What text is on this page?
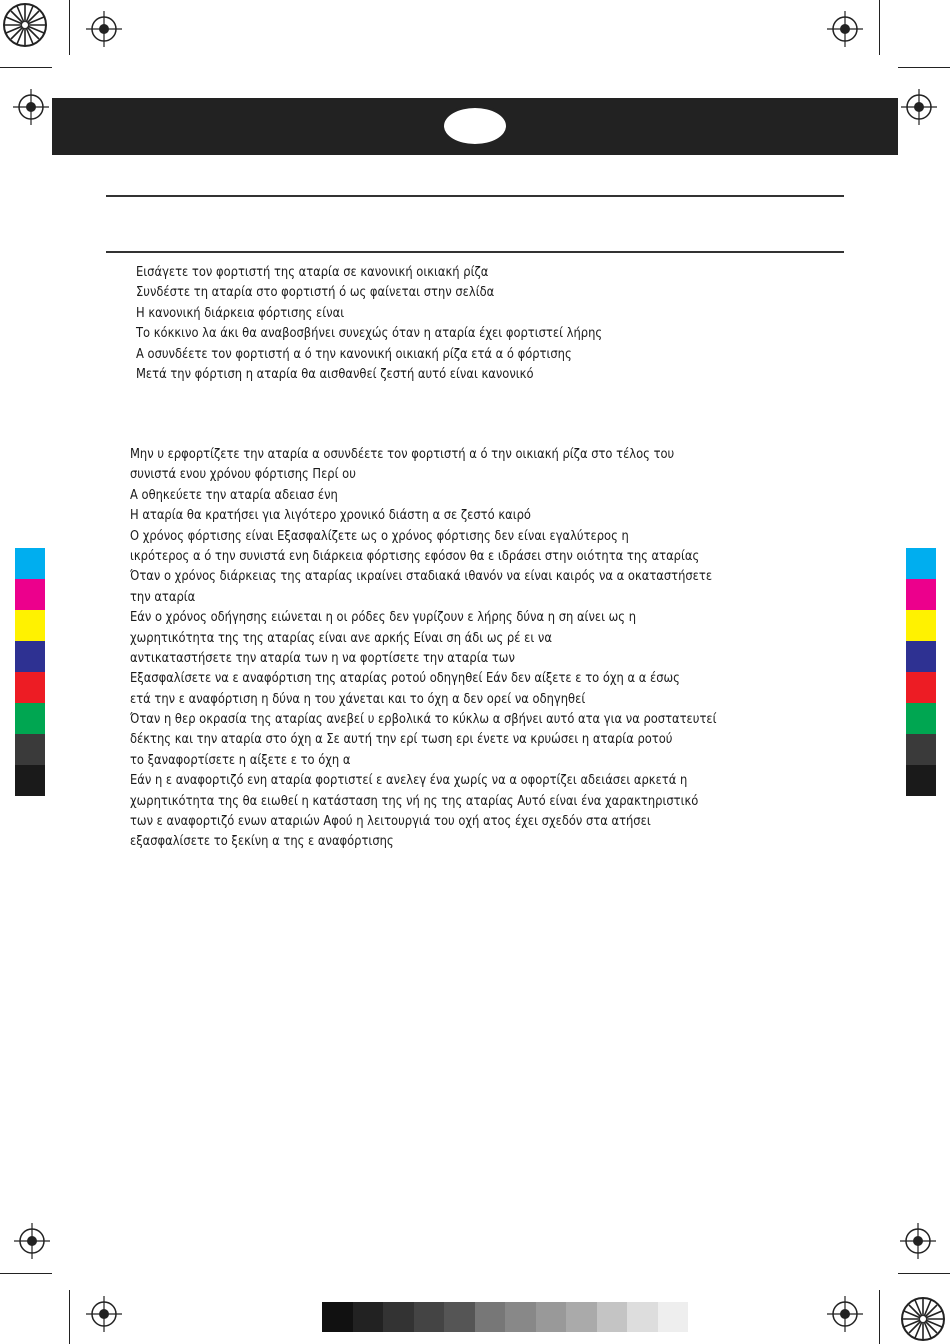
Εισάγετε τον φορτιστή της αταρία σε κανονική οικιακή ρίζα
Συνδέστε τη αταρία στο φορτιστή ό ως φαίνεται στην σελίδα
Η κανονική διάρκεια φόρτισης είναι
Το κόκκινο λα άκι θα αναβοσβήνει συνεχώς όταν η αταρία έχει φορτιστεί λήρης
Α οσυνδέετε τον φορτιστή α ό την κανονική οικιακή ρίζα ετά α ό φόρτισης
Μετά την φόρτιση η αταρία θα αισθανθεί ζεστή αυτό είναι κανονικό
Μην υ ερφορτίζετε την αταρία α οσυνδέετε τον φορτιστή α ό την οικιακή ρίζα στο τέλος του
συνιστά ενου χρόνου φόρτισης Περί ου
Α οθηκεύετε την αταρία αδειασ ένη
Η αταρία θα κρατήσει για λιγότερο χρονικό διάστη α σε ζεστό καιρό
Ο χρόνος φόρτισης είναι Εξασφαλίζετε ως ο χρόνος φόρτισης δεν είναι εγαλύτερος η
ικρότερος α ό την συνιστά ενη διάρκεια φόρτισης εφόσον θα ε ιδράσει στην οιότητα της αταρίας
Όταν ο χρόνος διάρκειας της αταρίας ικραίνει σταδιακά ιθανόν να είναι καιρός να α οκαταστήσετε
την αταρία
Εάν ο χρόνος οδήγησης ειώνεται η οι ρόδες δεν γυρίζουν ε λήρης δύνα η ση αίνει ως η
χωρητικότητα της της αταρίας είναι ανε αρκής Είναι ση άδι ως ρέ ει να
αντικαταστήσετε την αταρία των η να φορτίσετε την αταρία των
Εξασφαλίσετε να ε αναφόρτιση της αταρίας ροτού οδηγηθεί Εάν δεν αίξετε ε το όχη α α έσως
ετά την ε αναφόρτιση η δύνα η του χάνεται και το όχη α δεν ορεί να οδηγηθεί
Όταν η θερ οκρασία της αταρίας ανεβεί υ ερβολικά το κύκλω α σβήνει αυτό ατα για να ροστατευτεί
δέκτης και την αταρία στο όχη α Σε αυτή την ερί τωση ερι ένετε να κρυώσει η αταρία ροτού
το ξαναφορτίσετε η αίξετε ε το όχη α
Εάν η ε αναφορτιζό ενη αταρία φορτιστεί ε ανελεγ ένα χωρίς να α οφορτίζει αδειάσει αρκετά η
χωρητικότητα της θα ειωθεί η κατάσταση της νή ης της αταρίας Αυτό είναι ένα χαρακτηριστικό
των ε αναφορτιζό ενων αταριών Αφού η λειτουργιά του οχή ατος έχει σχεδόν στα ατήσει
εξασφαλίσετε το ξεκίνη α της ε αναφόρτισης
